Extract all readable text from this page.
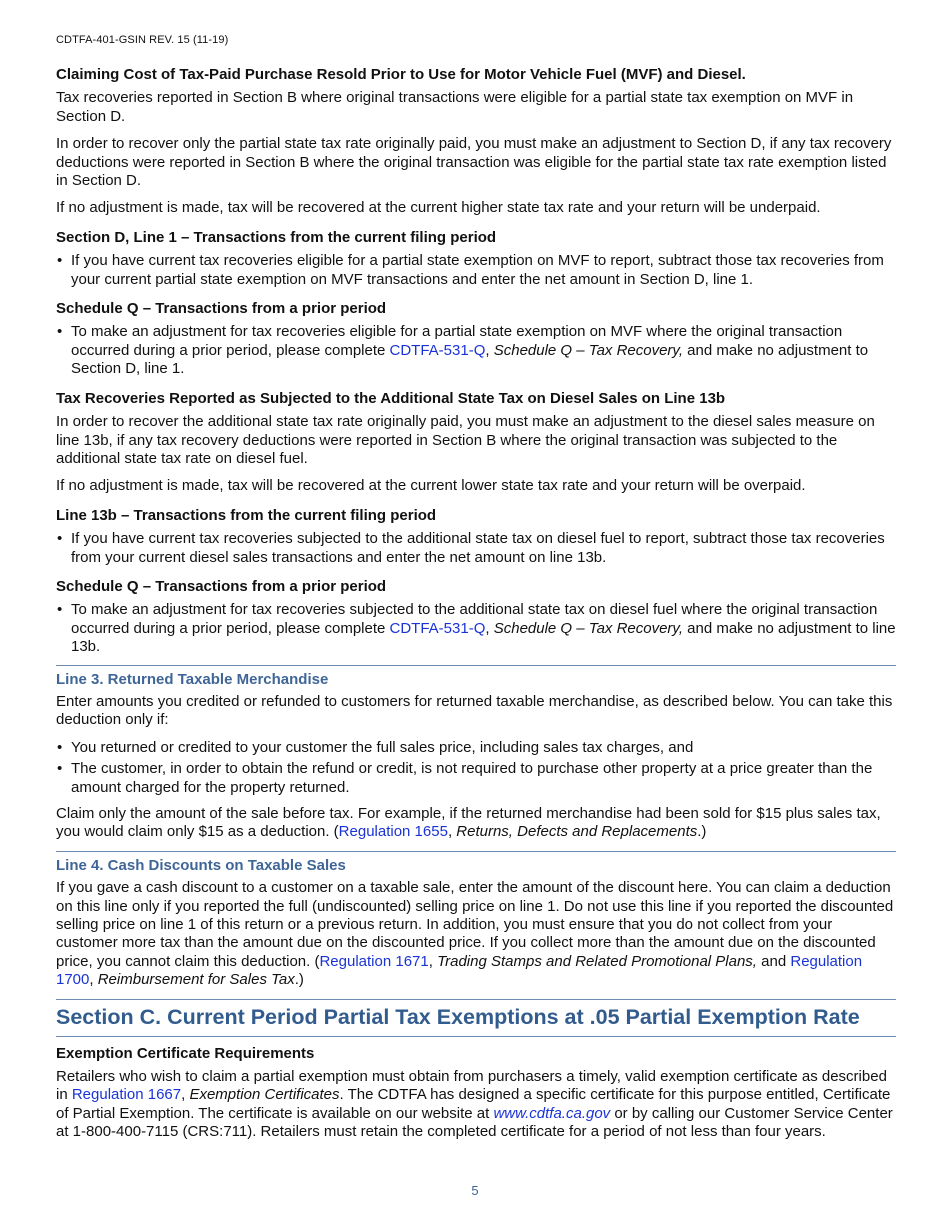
CDTFA-401-GSIN REV. 15 (11-19)

Claiming Cost of Tax-Paid Purchase Resold Prior to Use for Motor Vehicle Fuel (MVF) and Diesel.

Tax recoveries reported in Section B where original transactions were eligible for a partial state tax exemption on MVF in Section D.

In order to recover only the partial state tax rate originally paid, you must make an adjustment to Section D, if any tax recovery deductions were reported in Section B where the original transaction was eligible for the partial state tax rate exemption listed in Section D.

If no adjustment is made, tax will be recovered at the current higher state tax rate and your return will be underpaid.

Section D, Line 1 – Transactions from the current filing period

• If you have current tax recoveries eligible for a partial state exemption on MVF to report, subtract those tax recoveries from your current partial state exemption on MVF transactions and enter the net amount in Section D, line 1.

Schedule Q – Transactions from a prior period

• To make an adjustment for tax recoveries eligible for a partial state exemption on MVF where the original transaction occurred during a prior period, please complete CDTFA-531-Q, Schedule Q – Tax Recovery, and make no adjustment to Section D, line 1.

Tax Recoveries Reported as Subjected to the Additional State Tax on Diesel Sales on Line 13b

In order to recover the additional state tax rate originally paid, you must make an adjustment to the diesel sales measure on line 13b, if any tax recovery deductions were reported in Section B where the original transaction was subjected to the additional state tax rate on diesel fuel.

If no adjustment is made, tax will be recovered at the current lower state tax rate and your return will be overpaid.

Line 13b – Transactions from the current filing period

• If you have current tax recoveries subjected to the additional state tax on diesel fuel to report, subtract those tax recoveries from your current diesel sales transactions and enter the net amount on line 13b.

Schedule Q – Transactions from a prior period

• To make an adjustment for tax recoveries subjected to the additional state tax on diesel fuel where the original transaction occurred during a prior period, please complete CDTFA-531-Q, Schedule Q – Tax Recovery, and make no adjustment to line 13b.

Line 3. Returned Taxable Merchandise

Enter amounts you credited or refunded to customers for returned taxable merchandise, as described below. You can take this deduction only if:

• You returned or credited to your customer the full sales price, including sales tax charges, and
• The customer, in order to obtain the refund or credit, is not required to purchase other property at a price greater than the amount charged for the property returned.

Claim only the amount of the sale before tax. For example, if the returned merchandise had been sold for $15 plus sales tax, you would claim only $15 as a deduction. (Regulation 1655, Returns, Defects and Replacements.)

Line 4. Cash Discounts on Taxable Sales

If you gave a cash discount to a customer on a taxable sale, enter the amount of the discount here. You can claim a deduction on this line only if you reported the full (undiscounted) selling price on line 1. Do not use this line if you reported the discounted selling price on line 1 of this return or a previous return. In addition, you must ensure that you do not collect from your customer more tax than the amount due on the discounted price. If you collect more than the amount due on the discounted price, you cannot claim this deduction. (Regulation 1671, Trading Stamps and Related Promotional Plans, and Regulation 1700, Reimbursement for Sales Tax.)

Section C. Current Period Partial Tax Exemptions at .05 Partial Exemption Rate

Exemption Certificate Requirements

Retailers who wish to claim a partial exemption must obtain from purchasers a timely, valid exemption certificate as described in Regulation 1667, Exemption Certificates. The CDTFA has designed a specific certificate for this purpose entitled, Certificate of Partial Exemption. The certificate is available on our website at www.cdtfa.ca.gov or by calling our Customer Service Center at 1-800-400-7115 (CRS:711). Retailers must retain the completed certificate for a period of not less than four years.

5
